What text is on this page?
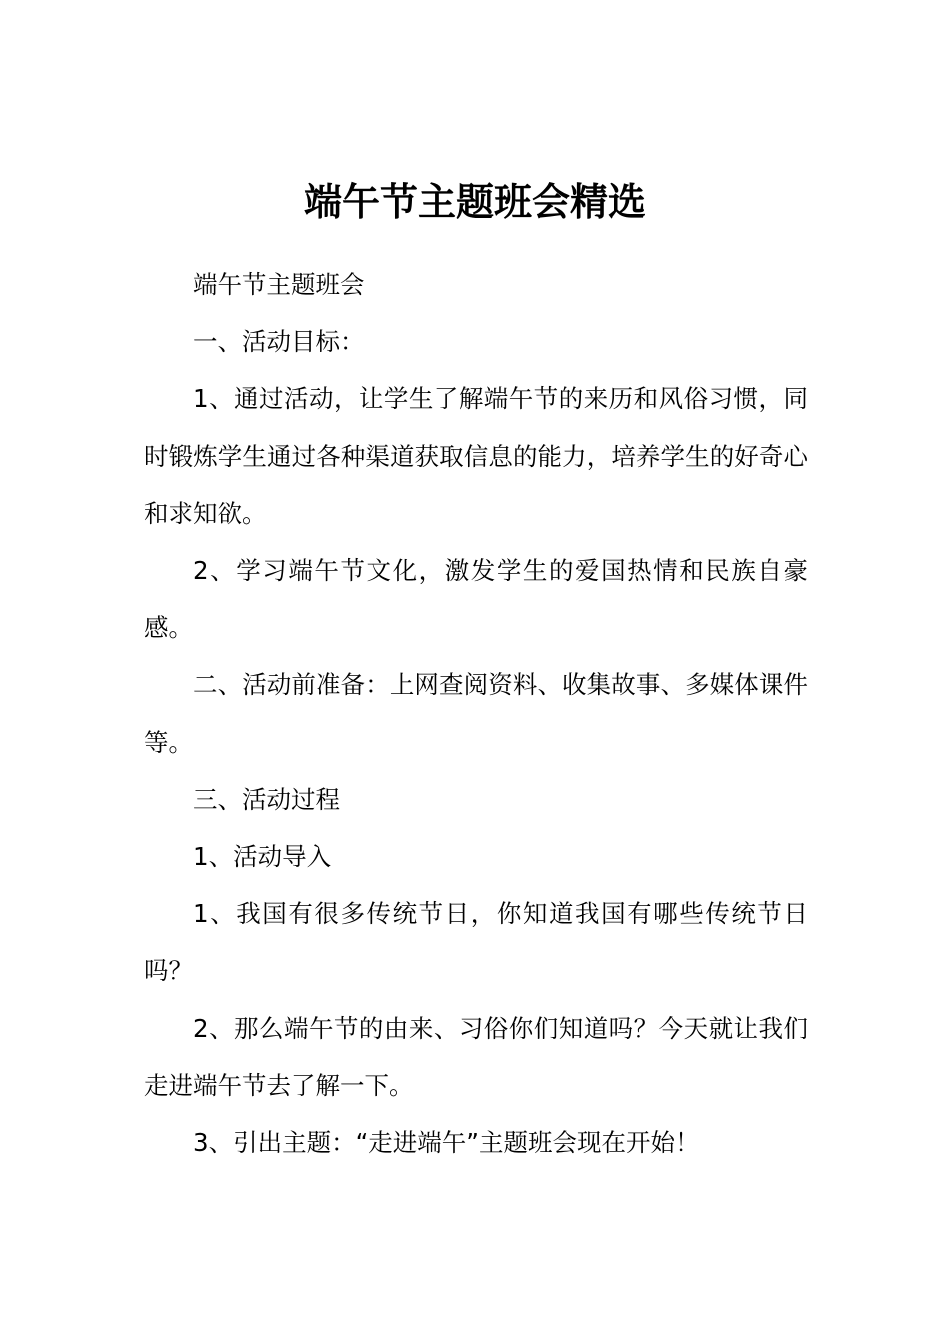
端午节主题班会精选

端午节主题班会

一、活动目标：

1、通过活动，让学生了解端午节的来历和风俗习惯，同时锻炼学生通过各种渠道获取信息的能力，培养学生的好奇心和求知欲。

2、学习端午节文化，激发学生的爱国热情和民族自豪感。

二、活动前准备：上网查阅资料、收集故事、多媒体课件等。

三、活动过程

1、活动导入

1、我国有很多传统节日，你知道我国有哪些传统节日吗？

2、那么端午节的由来、习俗你们知道吗？今天就让我们走进端午节去了解一下。

3、引出主题：“走进端午”主题班会现在开始！
